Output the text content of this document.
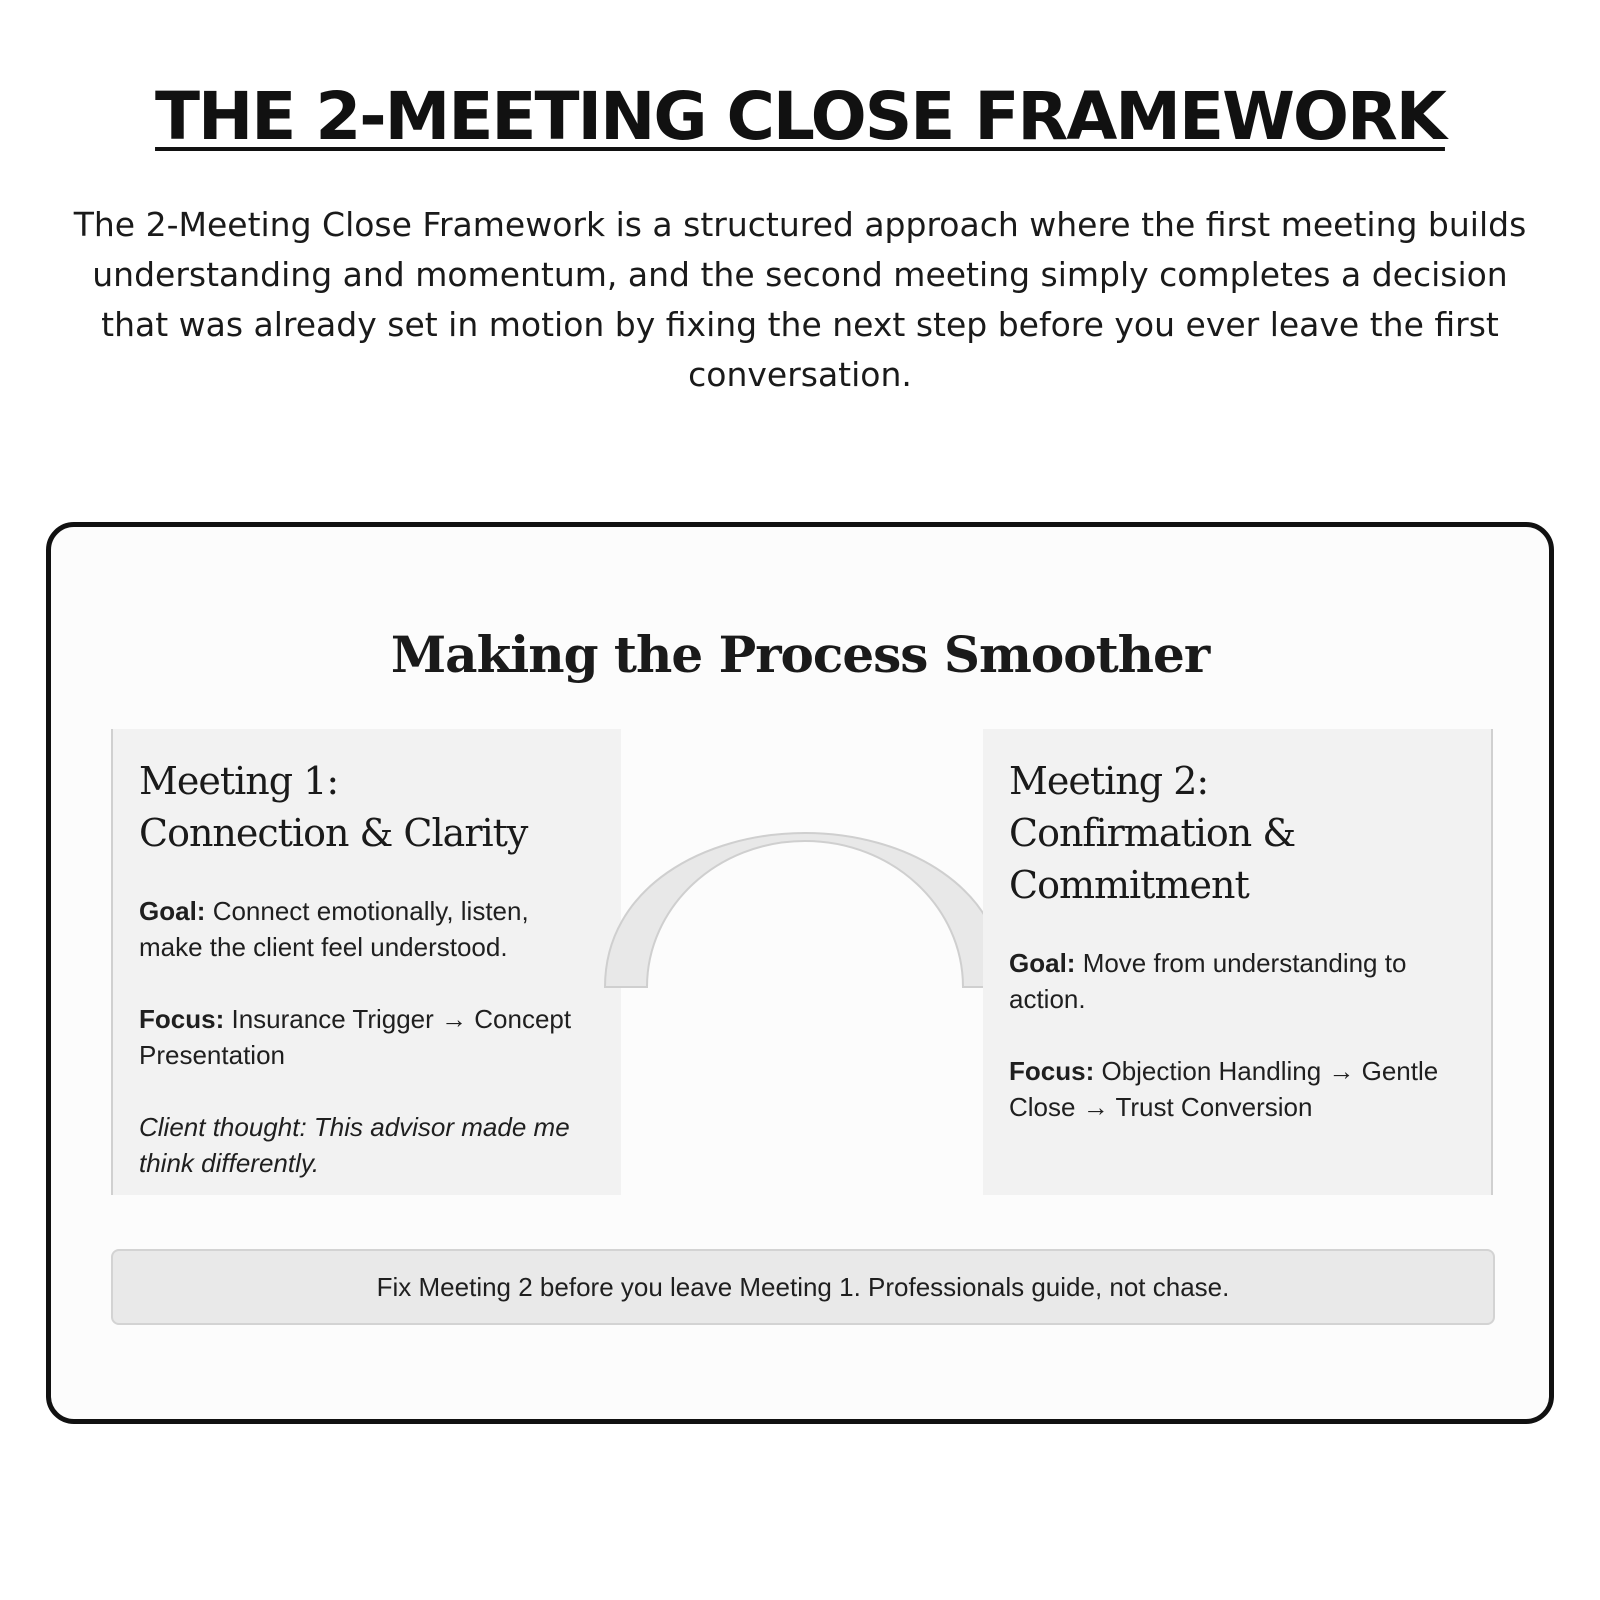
THE 2-MEETING CLOSE FRAMEWORK

The 2-Meeting Close Framework is a structured approach where the first meeting builds understanding and momentum, and the second meeting simply completes a decision that was already set in motion by fixing the next step before you ever leave the first conversation.

Making the Process Smoother
Meeting 1:
Connection & Clarity

Goal: Connect emotionally, listen, make the client feel understood.

Focus: Insurance Trigger → Concept Presentation

Client thought: This advisor made me think differently.

Meeting 2:
Confirmation &
Commitment

Goal: Move from understanding to action.

Focus: Objection Handling → Gentle Close → Trust Conversion

Fix Meeting 2 before you leave Meeting 1. Professionals guide, not chase.
